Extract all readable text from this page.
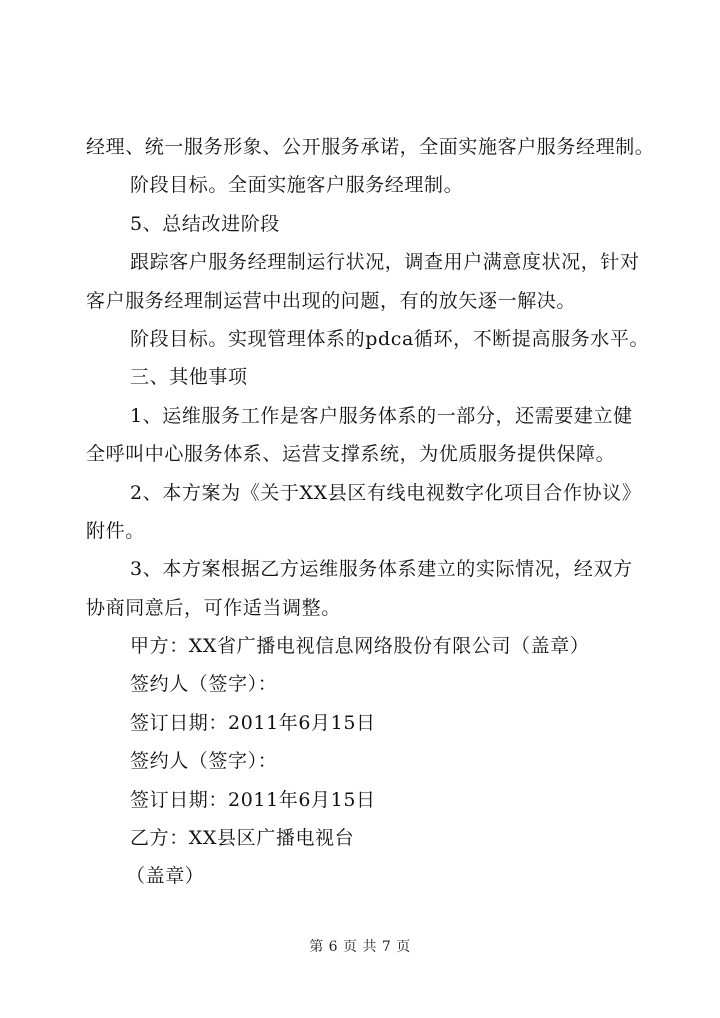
经理、统一服务形象、公开服务承诺，全面实施客户服务经理制。
阶段目标。全面实施客户服务经理制。
5、总结改进阶段
跟踪客户服务经理制运行状况，调查用户满意度状况，针对
客户服务经理制运营中出现的问题，有的放矢逐一解决。
阶段目标。实现管理体系的pdca循环，不断提高服务水平。
三、其他事项
1、运维服务工作是客户服务体系的一部分，还需要建立健
全呼叫中心服务体系、运营支撑系统，为优质服务提供保障。
2、本方案为《关于XX县区有线电视数字化项目合作协议》
附件。
3、本方案根据乙方运维服务体系建立的实际情况，经双方
协商同意后，可作适当调整。
甲方：XX省广播电视信息网络股份有限公司（盖章）
签约人（签字）：
签订日期：2011年6月15日
签约人（签字）：
签订日期：2011年6月15日
乙方：XX县区广播电视台
（盖章）
第 6 页 共 7 页
